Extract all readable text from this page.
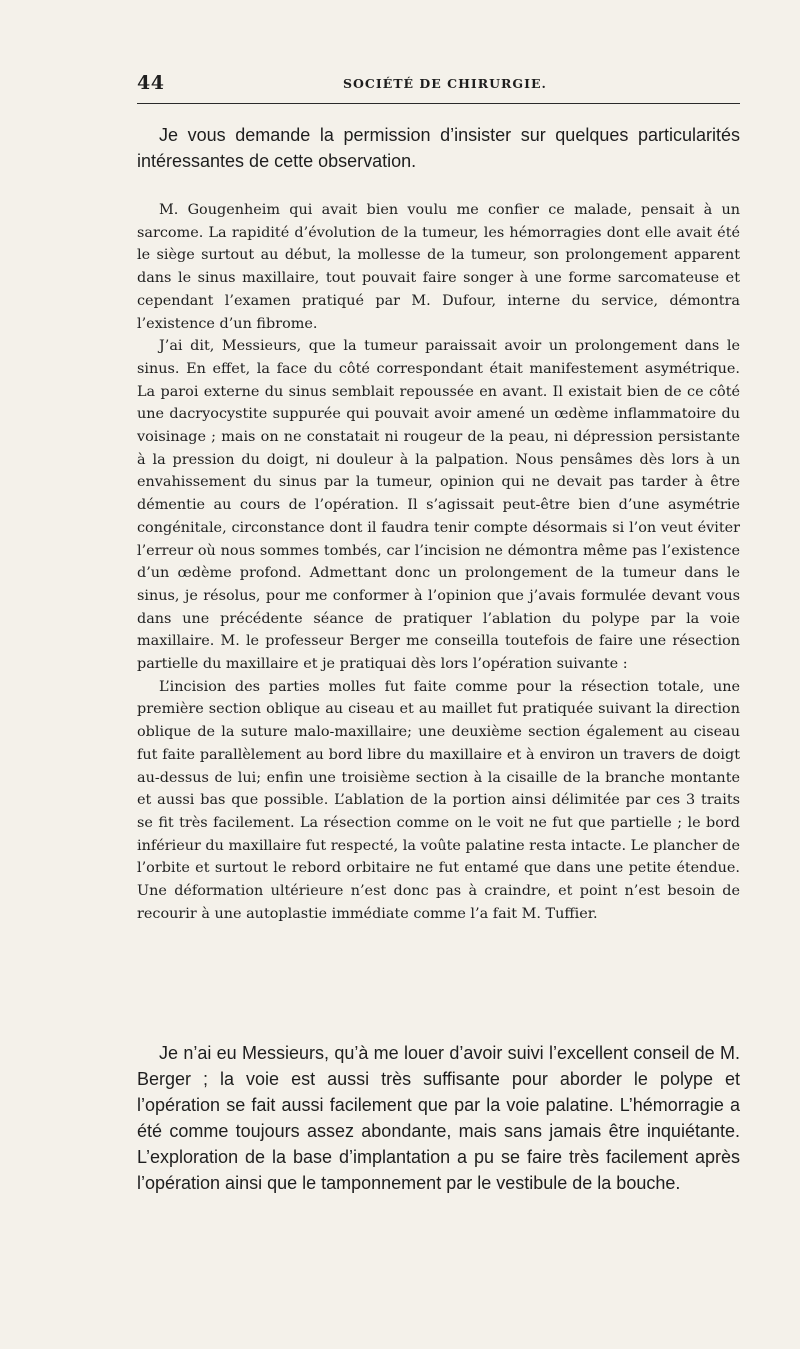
44	SOCIÉTÉ DE CHIRURGIE.

Je vous demande la permission d’insister sur quelques particularités intéressantes de cette observation.

M. Gougenheim qui avait bien voulu me confier ce malade, pensait à un sarcome. La rapidité d’évolution de la tumeur, les hémorragies dont elle avait été le siège surtout au début, la mollesse de la tumeur, son prolongement apparent dans le sinus maxillaire, tout pouvait faire songer à une forme sarcomateuse et cependant l’examen pratiqué par M. Dufour, interne du service, démontra l’existence d’un fibrome.

J’ai dit, Messieurs, que la tumeur paraissait avoir un prolongement dans le sinus. En effet, la face du côté correspondant était manifestement asymétrique. La paroi externe du sinus semblait repoussée en avant. Il existait bien de ce côté une dacryocystite suppurée qui pouvait avoir amené un œdème inflammatoire du voisinage ; mais on ne constatait ni rougeur de la peau, ni dépression persistante à la pression du doigt, ni douleur à la palpation. Nous pensâmes dès lors à un envahissement du sinus par la tumeur, opinion qui ne devait pas tarder à être démentie au cours de l’opération. Il s’agissait peut-être bien d’une asymétrie congénitale, circonstance dont il faudra tenir compte désormais si l’on veut éviter l’erreur où nous sommes tombés, car l’incision ne démontra même pas l’existence d’un œdème profond. Admettant donc un prolongement de la tumeur dans le sinus, je résolus, pour me conformer à l’opinion que j’avais formulée devant vous dans une précédente séance de pratiquer l’ablation du polype par la voie maxillaire. M. le professeur Berger me conseilla toutefois de faire une résection partielle du maxillaire et je pratiquai dès lors l’opération suivante :

L’incision des parties molles fut faite comme pour la résection totale, une première section oblique au ciseau et au maillet fut pratiquée suivant la direction oblique de la suture malo-maxillaire; une deuxième section également au ciseau fut faite parallèlement au bord libre du maxillaire et à environ un travers de doigt au-dessus de lui; enfin une troisième section à la cisaille de la branche montante et aussi bas que possible. L’ablation de la portion ainsi délimitée par ces 3 traits se fit très facilement. La résection comme on le voit ne fut que partielle ; le bord inférieur du maxillaire fut respecté, la voûte palatine resta intacte. Le plancher de l’orbite et surtout le rebord orbitaire ne fut entamé que dans une petite étendue. Une déformation ultérieure n’est donc pas à craindre, et point n’est besoin de recourir à une autoplastie immédiate comme l’a fait M. Tuffier.

Je n’ai eu Messieurs, qu’à me louer d’avoir suivi l’excellent conseil de M. Berger ; la voie est aussi très suffisante pour aborder le polype et l’opération se fait aussi facilement que par la voie palatine. L’hémorragie a été comme toujours assez abondante, mais sans jamais être inquiétante. L’exploration de la base d’implantation a pu se faire très facilement après l’opération ainsi que le tamponnement par le vestibule de la bouche.
